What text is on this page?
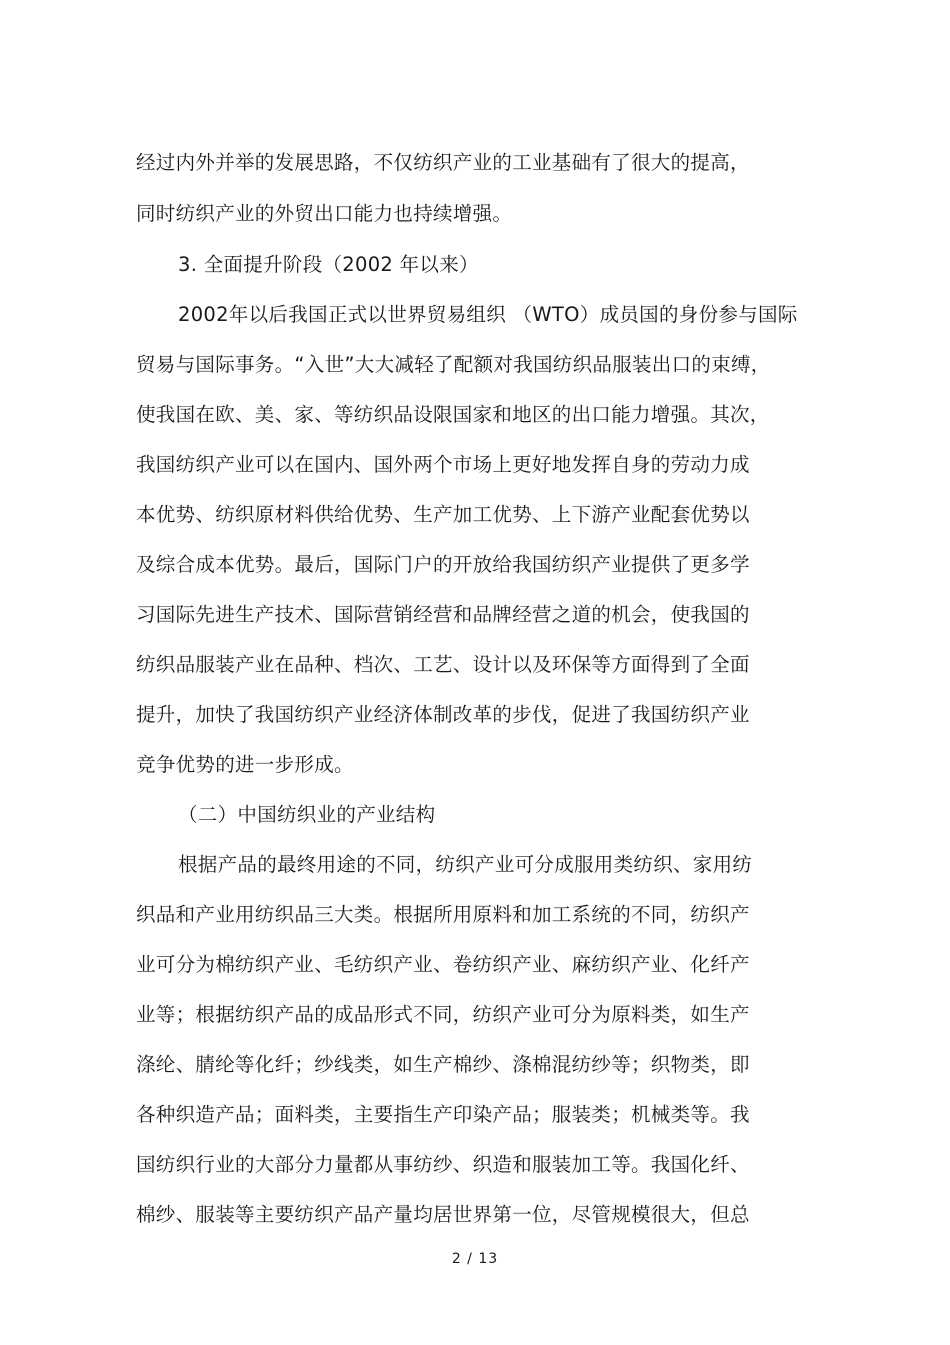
经过内外并举的发展思路，不仅纺织产业的工业基础有了很大的提高，
同时纺织产业的外贸出口能力也持续增强。
3. 全面提升阶段（2002 年以来）
2002年以后我国正式以世界贸易组织 （WTO）成员国的身份参与国际
贸易与国际事务。“入世”大大减轻了配额对我国纺织品服装出口的束缚，
使我国在欧、美、家、等纺织品设限国家和地区的出口能力增强。其次，
我国纺织产业可以在国内、国外两个市场上更好地发挥自身的劳动力成
本优势、纺织原材料供给优势、生产加工优势、上下游产业配套优势以
及综合成本优势。最后，国际门户的开放给我国纺织产业提供了更多学
习国际先进生产技术、国际营销经营和品牌经营之道的机会，使我国的
纺织品服装产业在品种、档次、工艺、设计以及环保等方面得到了全面
提升，加快了我国纺织产业经济体制改革的步伐，促进了我国纺织产业
竞争优势的进一步形成。
（二）中国纺织业的产业结构
根据产品的最终用途的不同，纺织产业可分成服用类纺织、家用纺
织品和产业用纺织品三大类。根据所用原料和加工系统的不同，纺织产
业可分为棉纺织产业、毛纺织产业、卷纺织产业、麻纺织产业、化纤产
业等；根据纺织产品的成品形式不同，纺织产业可分为原料类，如生产
涤纶、腈纶等化纤；纱线类，如生产棉纱、涤棉混纺纱等；织物类，即
各种织造产品；面料类，主要指生产印染产品；服装类；机械类等。我
国纺织行业的大部分力量都从事纺纱、织造和服装加工等。我国化纤、
棉纱、服装等主要纺织产品产量均居世界第一位，尽管规模很大，但总
2 / 13
